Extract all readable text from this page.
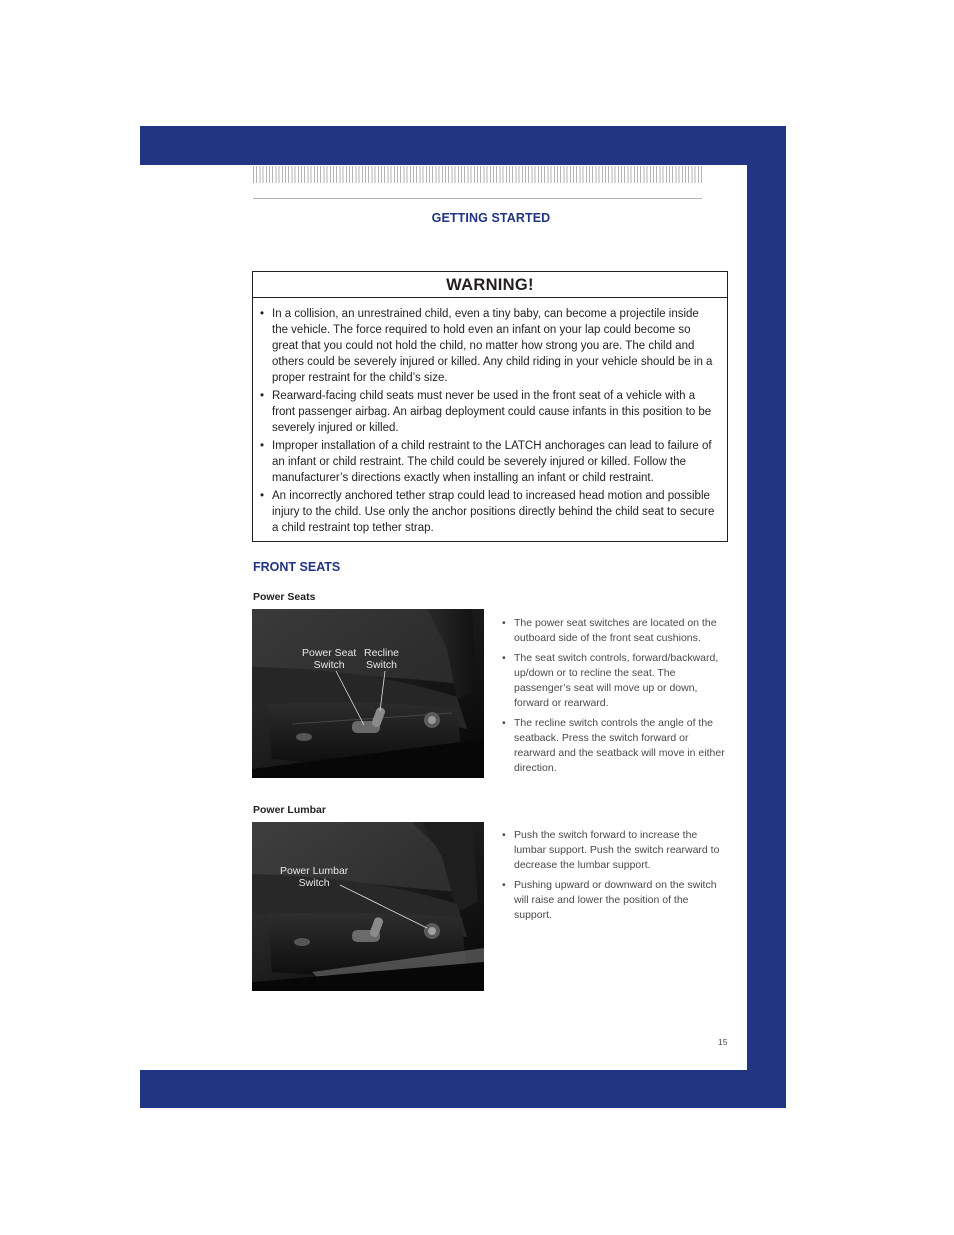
GETTING STARTED
WARNING!
• In a collision, an unrestrained child, even a tiny baby, can become a projectile inside the vehicle. The force required to hold even an infant on your lap could become so great that you could not hold the child, no matter how strong you are. The child and others could be severely injured or killed. Any child riding in your vehicle should be in a proper restraint for the child’s size.
• Rearward-facing child seats must never be used in the front seat of a vehicle with a front passenger airbag. An airbag deployment could cause infants in this position to be severely injured or killed.
• Improper installation of a child restraint to the LATCH anchorages can lead to failure of an infant or child restraint. The child could be severely injured or killed. Follow the manufacturer’s directions exactly when installing an infant or child restraint.
• An incorrectly anchored tether strap could lead to increased head motion and possible injury to the child. Use only the anchor positions directly behind the child seat to secure a child restraint top tether strap.
FRONT SEATS
Power Seats
Power Seat
Switch
Recline
Switch
• The power seat switches are located on the outboard side of the front seat cushions.
• The seat switch controls, forward/backward, up/down or to recline the seat. The passenger’s seat will move up or down, forward or rearward.
• The recline switch controls the angle of the seatback. Press the switch forward or rearward and the seatback will move in either direction.
Power Lumbar
Power Lumbar
Switch
• Push the switch forward to increase the lumbar support. Push the switch rearward to decrease the lumbar support.
• Pushing upward or downward on the switch will raise and lower the position of the support.
15
